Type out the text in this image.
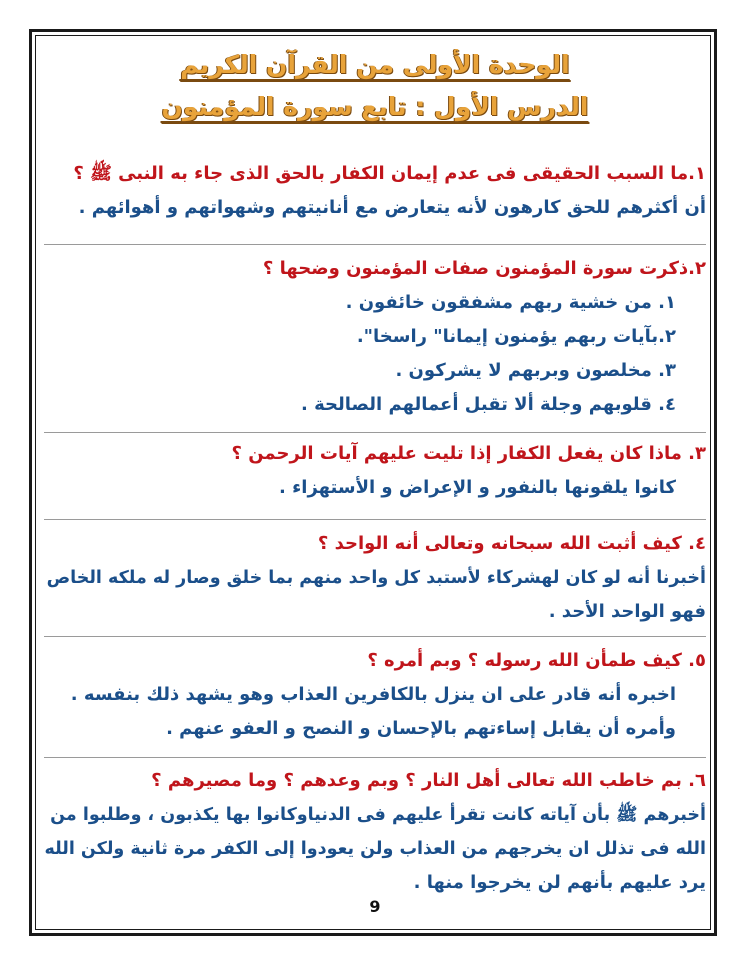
الوحدة الأولى من القرآن الكريم
الدرس الأول : تابع سورة المؤمنون
١.ما السبب الحقيقى فى عدم إيمان الكفار بالحق الذى جاء به النبى ﷺ ؟
أن أكثرهم للحق كارهون لأنه يتعارض مع أنانيتهم وشهواتهم و أهوائهم .
٢.ذكرت سورة المؤمنون صفات المؤمنون وضحها ؟
١. من خشية ربهم مشفقون خائفون .
٢.بآيات ربهم يؤمنون إيمانا" راسخا".
٣. مخلصون وبربهم لا يشركون .
٤. قلوبهم وجلة ألا تقبل أعمالهم الصالحة .
٣. ماذا كان يفعل الكفار إذا تليت عليهم آيات الرحمن ؟
كانوا يلقونها بالنفور و الإعراض و الأستهزاء .
٤. كيف أثبت الله سبحانه وتعالى أنه الواحد ؟
أخبرنا أنه لو كان لهشركاء لأستبد كل واحد منهم بما خلق وصار له ملكه الخاص
فهو الواحد الأحد .
٥. كيف طمأن الله رسوله ؟ وبم أمره ؟
اخبره أنه قادر على ان ينزل بالكافرين العذاب وهو يشهد ذلك بنفسه .
وأمره أن يقابل إساءتهم بالإحسان و النصح و العفو عنهم .
٦. بم خاطب الله تعالى أهل النار ؟ وبم وعدهم ؟ وما مصيرهم ؟
أخبرهم ﷺ بأن آياته كانت تقرأ عليهم فى الدنياوكانوا بها يكذبون ، وطلبوا من
الله فى تذلل ان يخرجهم من العذاب ولن يعودوا إلى الكفر مرة ثانية ولكن الله
يرد عليهم بأنهم لن يخرجوا منها .
9
